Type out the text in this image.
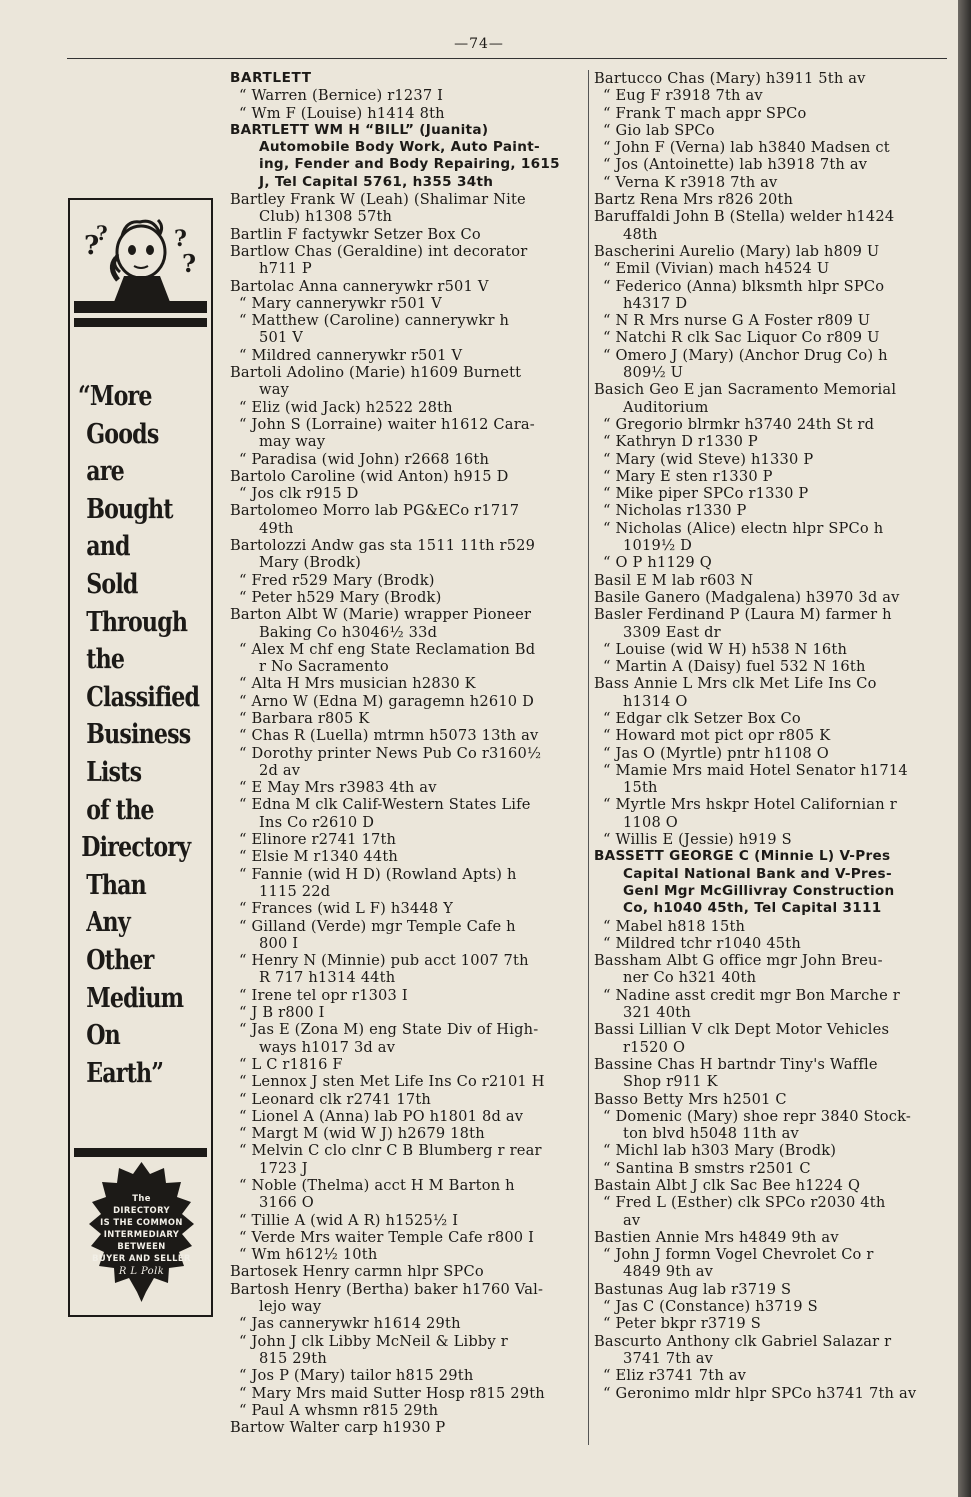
—74—
?
?	?
?
“More
Goods
are
Bought
and
Sold
Through
the
Classified
Business
Lists
of the
Directory
Than
Any
Other
Medium
On
Earth”
The
DIRECTORY
IS THE COMMON
INTERMEDIARY
BETWEEN
BUYER AND SELLER
R L Polk
BARTLETT
“ Warren (Bernice) r1237 I
“ Wm F (Louise) h1414 8th
BARTLETT WM H “BILL” (Juanita)
Automobile Body Work, Auto Paint-
ing, Fender and Body Repairing, 1615
J, Tel Capital 5761, h355 34th
Bartley Frank W (Leah) (Shalimar Nite
Club) h1308 57th
Bartlin F factywkr Setzer Box Co
Bartlow Chas (Geraldine) int decorator
h711 P
Bartolac Anna cannerywkr r501 V
“ Mary cannerywkr r501 V
“ Matthew (Caroline) cannerywkr h
501 V
“ Mildred cannerywkr r501 V
Bartoli Adolino (Marie) h1609 Burnett
way
“ Eliz (wid Jack) h2522 28th
“ John S (Lorraine) waiter h1612 Cara-
may way
“ Paradisa (wid John) r2668 16th
Bartolo Caroline (wid Anton) h915 D
“ Jos clk r915 D
Bartolomeo Morro lab PG&ECo r1717
49th
Bartolozzi Andw gas sta 1511 11th r529
Mary (Brodk)
“ Fred r529 Mary (Brodk)
“ Peter h529 Mary (Brodk)
Barton Albt W (Marie) wrapper Pioneer
Baking Co h3046½ 33d
“ Alex M chf eng State Reclamation Bd
r No Sacramento
“ Alta H Mrs musician h2830 K
“ Arno W (Edna M) garagemn h2610 D
“ Barbara r805 K
“ Chas R (Luella) mtrmn h5073 13th av
“ Dorothy printer News Pub Co r3160½
2d av
“ E May Mrs r3983 4th av
“ Edna M clk Calif-Western States Life
Ins Co r2610 D
“ Elinore r2741 17th
“ Elsie M r1340 44th
“ Fannie (wid H D) (Rowland Apts) h
1115 22d
“ Frances (wid L F) h3448 Y
“ Gilland (Verde) mgr Temple Cafe h
800 I
“ Henry N (Minnie) pub acct 1007 7th
R 717 h1314 44th
“ Irene tel opr r1303 I
“ J B r800 I
“ Jas E (Zona M) eng State Div of High-
ways h1017 3d av
“ L C r1816 F
“ Lennox J sten Met Life Ins Co r2101 H
“ Leonard clk r2741 17th
“ Lionel A (Anna) lab PO h1801 8d av
“ Margt M (wid W J) h2679 18th
“ Melvin C clo clnr C B Blumberg r rear
1723 J
“ Noble (Thelma) acct H M Barton h
3166 O
“ Tillie A (wid A R) h1525½ I
“ Verde Mrs waiter Temple Cafe r800 I
“ Wm h612½ 10th
Bartosek Henry carmn hlpr SPCo
Bartosh Henry (Bertha) baker h1760 Val-
lejo way
“ Jas cannerywkr h1614 29th
“ John J clk Libby McNeil & Libby r
815 29th
“ Jos P (Mary) tailor h815 29th
“ Mary Mrs maid Sutter Hosp r815 29th
“ Paul A whsmn r815 29th
Bartow Walter carp h1930 P
Bartucco Chas (Mary) h3911 5th av
“ Eug F r3918 7th av
“ Frank T mach appr SPCo
“ Gio lab SPCo
“ John F (Verna) lab h3840 Madsen ct
“ Jos (Antoinette) lab h3918 7th av
“ Verna K r3918 7th av
Bartz Rena Mrs r826 20th
Baruffaldi John B (Stella) welder h1424
48th
Bascherini Aurelio (Mary) lab h809 U
“ Emil (Vivian) mach h4524 U
“ Federico (Anna) blksmth hlpr SPCo
h4317 D
“ N R Mrs nurse G A Foster r809 U
“ Natchi R clk Sac Liquor Co r809 U
“ Omero J (Mary) (Anchor Drug Co) h
809½ U
Basich Geo E jan Sacramento Memorial
Auditorium
“ Gregorio blrmkr h3740 24th St rd
“ Kathryn D r1330 P
“ Mary (wid Steve) h1330 P
“ Mary E sten r1330 P
“ Mike piper SPCo r1330 P
“ Nicholas r1330 P
“ Nicholas (Alice) electn hlpr SPCo h
1019½ D
“ O P h1129 Q
Basil E M lab r603 N
Basile Ganero (Madgalena) h3970 3d av
Basler Ferdinand P (Laura M) farmer h
3309 East dr
“ Louise (wid W H) h538 N 16th
“ Martin A (Daisy) fuel 532 N 16th
Bass Annie L Mrs clk Met Life Ins Co
h1314 O
“ Edgar clk Setzer Box Co
“ Howard mot pict opr r805 K
“ Jas O (Myrtle) pntr h1108 O
“ Mamie Mrs maid Hotel Senator h1714
15th
“ Myrtle Mrs hskpr Hotel Californian r
1108 O
“ Willis E (Jessie) h919 S
BASSETT GEORGE C (Minnie L) V-Pres
Capital National Bank and V-Pres-
Genl Mgr McGillivray Construction
Co, h1040 45th, Tel Capital 3111
“ Mabel h818 15th
“ Mildred tchr r1040 45th
Bassham Albt G office mgr John Breu-
ner Co h321 40th
“ Nadine asst credit mgr Bon Marche r
321 40th
Bassi Lillian V clk Dept Motor Vehicles
r1520 O
Bassine Chas H bartndr Tiny's Waffle
Shop r911 K
Basso Betty Mrs h2501 C
“ Domenic (Mary) shoe repr 3840 Stock-
ton blvd h5048 11th av
“ Michl lab h303 Mary (Brodk)
“ Santina B smstrs r2501 C
Bastain Albt J clk Sac Bee h1224 Q
“ Fred L (Esther) clk SPCo r2030 4th
av
Bastien Annie Mrs h4849 9th av
“ John J formn Vogel Chevrolet Co r
4849 9th av
Bastunas Aug lab r3719 S
“ Jas C (Constance) h3719 S
“ Peter bkpr r3719 S
Bascurto Anthony clk Gabriel Salazar r
3741 7th av
“ Eliz r3741 7th av
“ Geronimo mldr hlpr SPCo h3741 7th av
